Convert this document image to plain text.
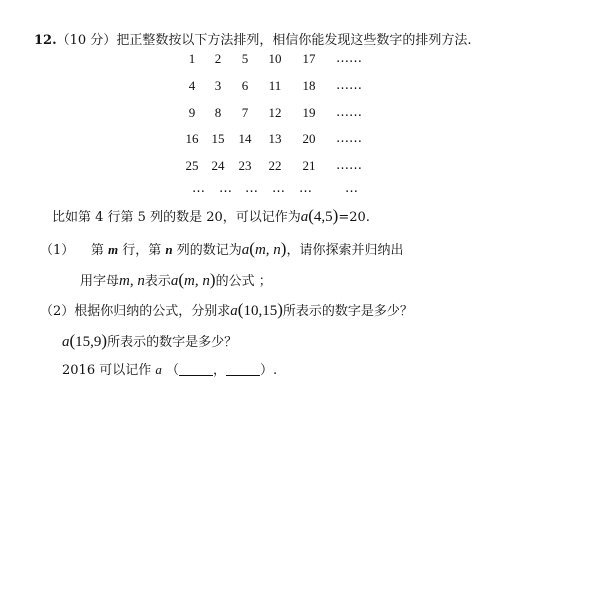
12.（10 分）把正整数按以下方法排列，相信你能发现这些数字的排列方法.
1	2	5	10	17	……
4	3	6	11	18	……
9	8	7	12	19	……
16	15	14	13	20	……
25	24	23	22	21	……
… … … … …	…
比如第 4 行第 5 列的数是 20，可以记作为a(4,5)=20.
（1） 第 m 行，第 n 列的数记为a(m, n)，请你探索并归纳出
用字母m, n表示a(m, n)的公式 ；
（2）根据你归纳的公式，分别求a(10,15)所表示的数字是多少？
a(15,9)所表示的数字是多少？
2016 可以记作 a （	，	）.
